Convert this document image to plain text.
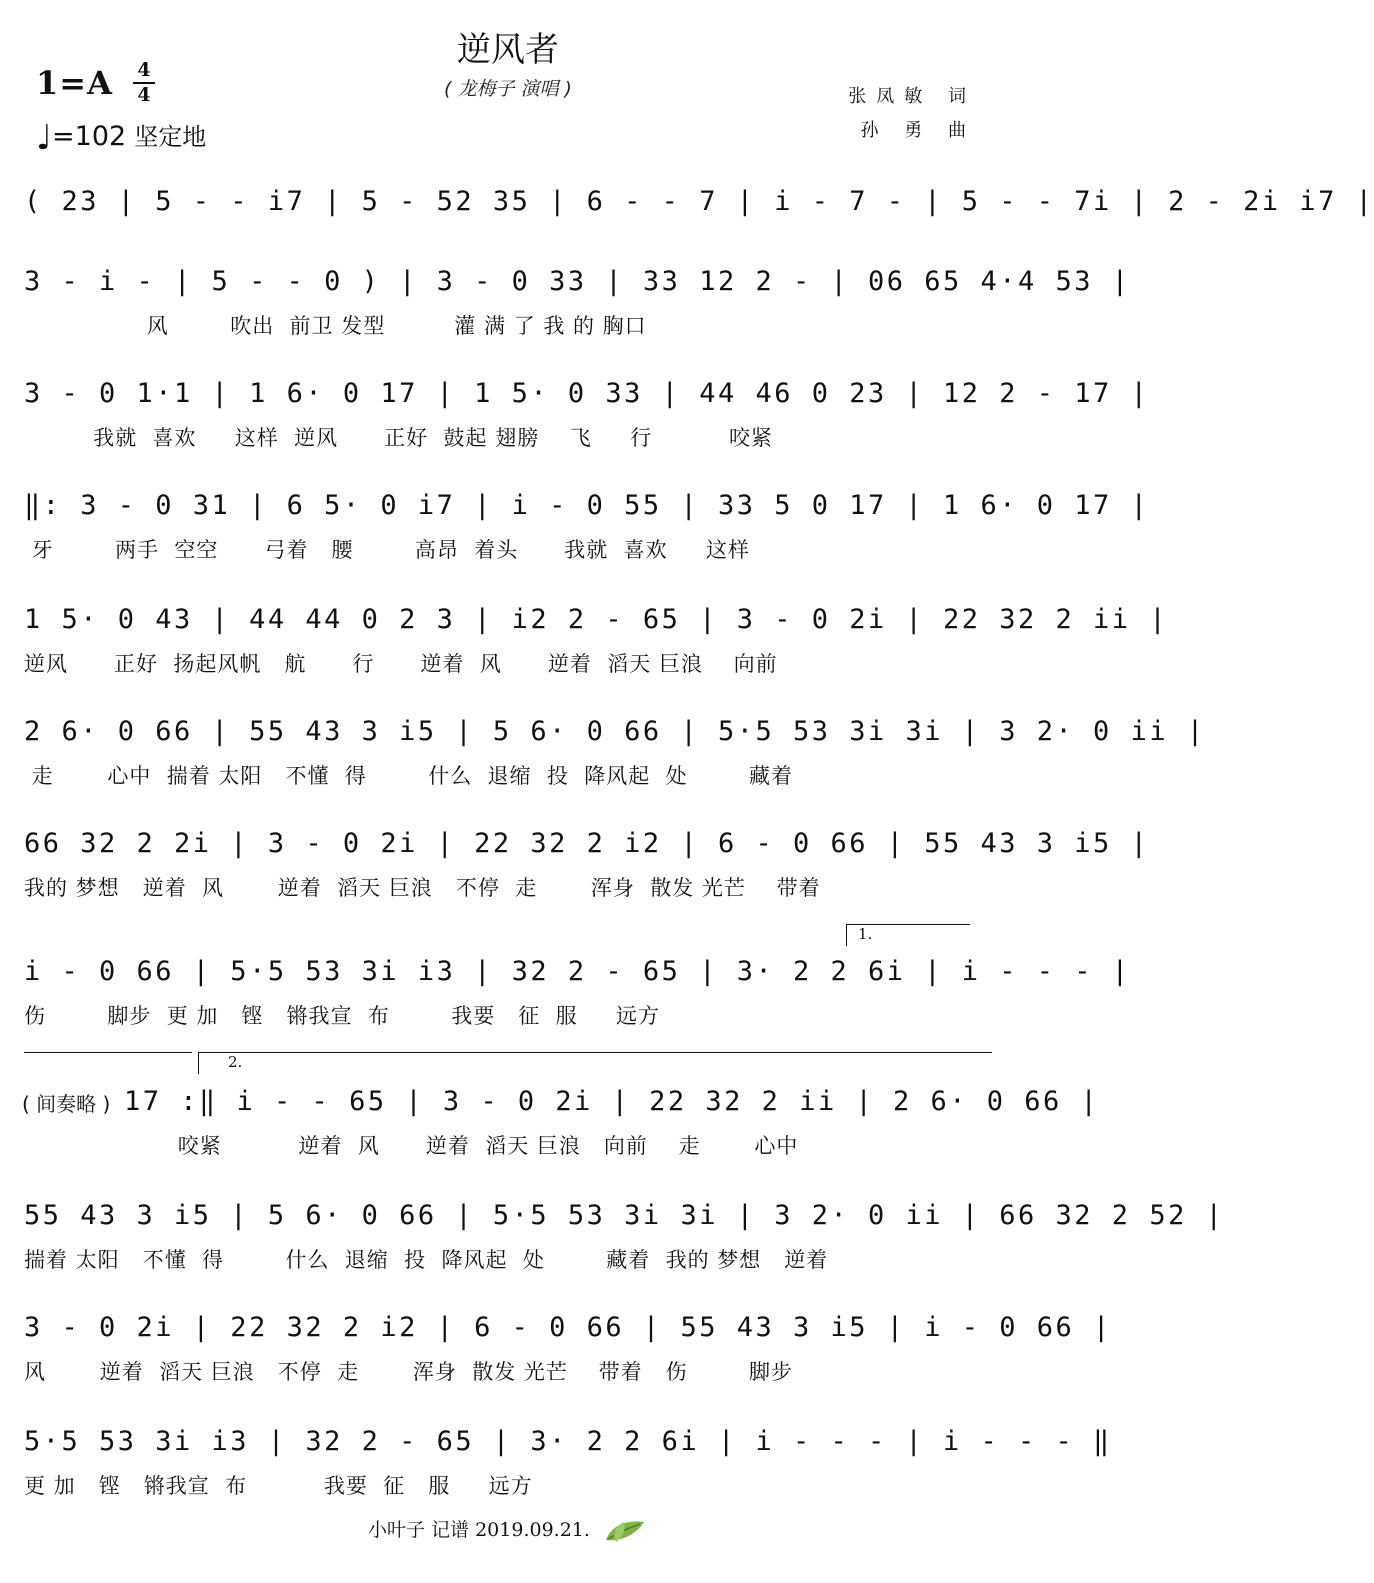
逆风者
( 龙梅子 演唱 )
1=A 4
4
♩=102 坚定地
张凤敏 词
孙 勇 曲
( 23 | 5 - - i7 | 5 - 52 35 | 6 - - 7 | i - 7 - | 5 - - 7i | 2 - 2i i7 |
3 - i - | 5 - - 0 ) | 3 - 0 33 | 33 12 2 - | 06 65 4·4 53 |
风        吹出  前卫 发型         灌 满 了 我 的 胸口
3 - 0 1·1 | 1 6· 0 17 | 1 5· 0 33 | 44 46 0 23 | 12 2 - 17 |
我就  喜欢     这样  逆风      正好  鼓起 翅膀    飞     行          咬紧
‖: 3 - 0 31 | 6 5· 0 i7 | i - 0 55 | 33 5 0 17 | 1 6· 0 17 |
牙        两手  空空      弓着   腰        高昂  着头      我就  喜欢     这样
1 5· 0 43 | 44 44 0 2 3 | i2 2 - 65 | 3 - 0 2i | 22 32 2 ii |
逆风      正好  扬起风帆   航      行      逆着  风      逆着  滔天 巨浪    向前
2 6· 0 66 | 55 43 3 i5 | 5 6· 0 66 | 5·5 53 3i 3i | 3 2· 0 ii |
走       心中  揣着 太阳   不懂  得        什么  退缩  投  降风起  处        藏着
66 32 2 2i | 3 - 0 2i | 22 32 2 i2 | 6 - 0 66 | 55 43 3 i5 |
我的 梦想   逆着  风       逆着  滔天 巨浪   不停  走       浑身  散发 光芒    带着
i - 0 66 | 5·5 53 3i i3 | 32 2 - 65 | 3· 2 2 6i | i - - - |
伤        脚步  更 加   铿   锵我宣  布        我要   征  服     远方
1.
2.
( 间奏略 ) 17 :‖ i - - 65 | 3 - 0 2i | 22 32 2 ii | 2 6· 0 66 |
咬紧          逆着  风      逆着  滔天 巨浪   向前    走       心中
55 43 3 i5 | 5 6· 0 66 | 5·5 53 3i 3i | 3 2· 0 ii | 66 32 2 52 |
揣着 太阳   不懂  得        什么  退缩  投  降风起  处        藏着  我的 梦想   逆着
3 - 0 2i | 22 32 2 i2 | 6 - 0 66 | 55 43 3 i5 | i - 0 66 |
风       逆着  滔天 巨浪   不停  走       浑身  散发 光芒    带着   伤        脚步
5·5 53 3i i3 | 32 2 - 65 | 3· 2 2 6i | i - - - | i - - - ‖
更 加   铿   锵我宣  布          我要  征   服     远方
小叶子 记谱 2019.09.21.
